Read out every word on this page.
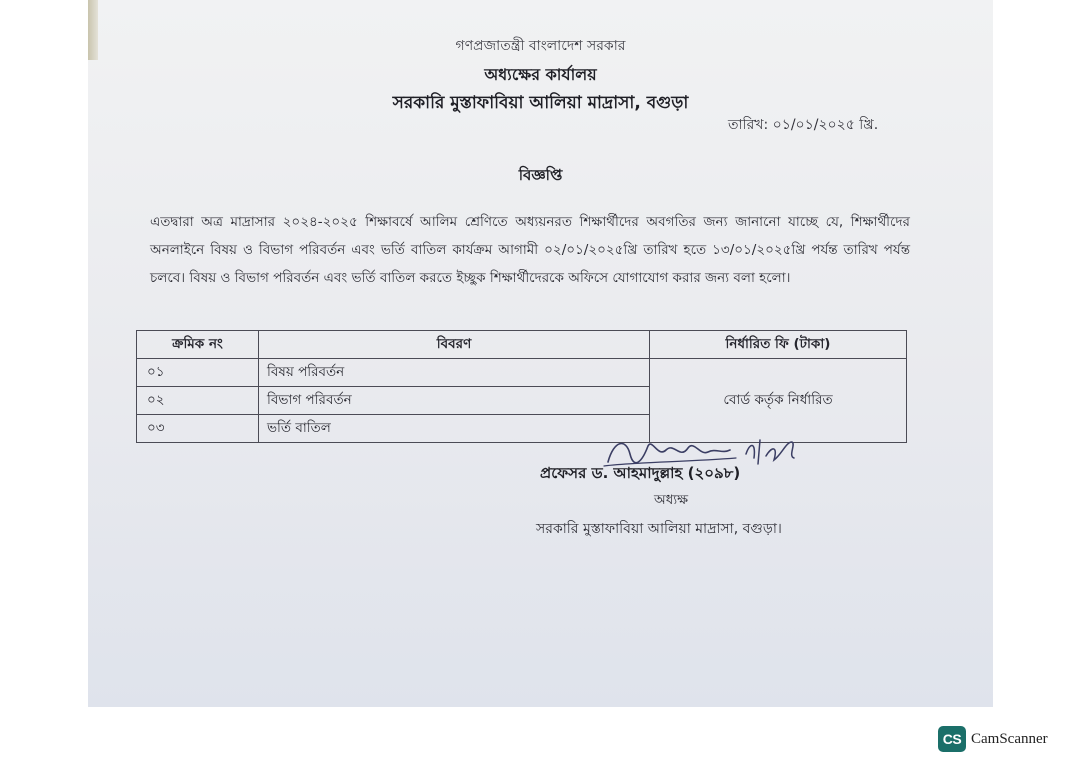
গণপ্রজাতন্ত্রী বাংলাদেশ সরকার
অধ্যক্ষের কার্যালয়
সরকারি মুস্তাফাবিয়া আলিয়া মাদ্রাসা, বগুড়া
তারিখ: ০১/০১/২০২৫ খ্রি.
বিজ্ঞপ্তি
এতদ্বারা অত্র মাদ্রাসার ২০২৪-২০২৫ শিক্ষাবর্ষে আলিম শ্রেণিতে অধ্যয়নরত শিক্ষার্থীদের অবগতির জন্য জানানো যাচ্ছে যে, শিক্ষার্থীদের অনলাইনে বিষয় ও বিভাগ পরিবর্তন এবং ভর্তি বাতিল কার্যক্রম আগামী ০২/০১/২০২৫খ্রি তারিখ হতে ১৩/০১/২০২৫খ্রি পর্যন্ত তারিখ পর্যন্ত চলবে। বিষয় ও বিভাগ পরিবর্তন এবং ভর্তি বাতিল করতে ইচ্ছুক শিক্ষার্থীদেরকে অফিসে যোগাযোগ করার জন্য বলা হলো।
ক্রমিক নং	বিবরণ	নির্ধারিত ফি (টাকা)
০১	বিষয় পরিবর্তন	বোর্ড কর্তৃক নির্ধারিত
০২	বিভাগ পরিবর্তন	
০৩	ভর্তি বাতিল	
প্রফেসর ড. আহমাদুল্লাহ (২০৯৮)
অধ্যক্ষ
সরকারি মুস্তাফাবিয়া আলিয়া মাদ্রাসা, বগুড়া।
CS CamScanner
